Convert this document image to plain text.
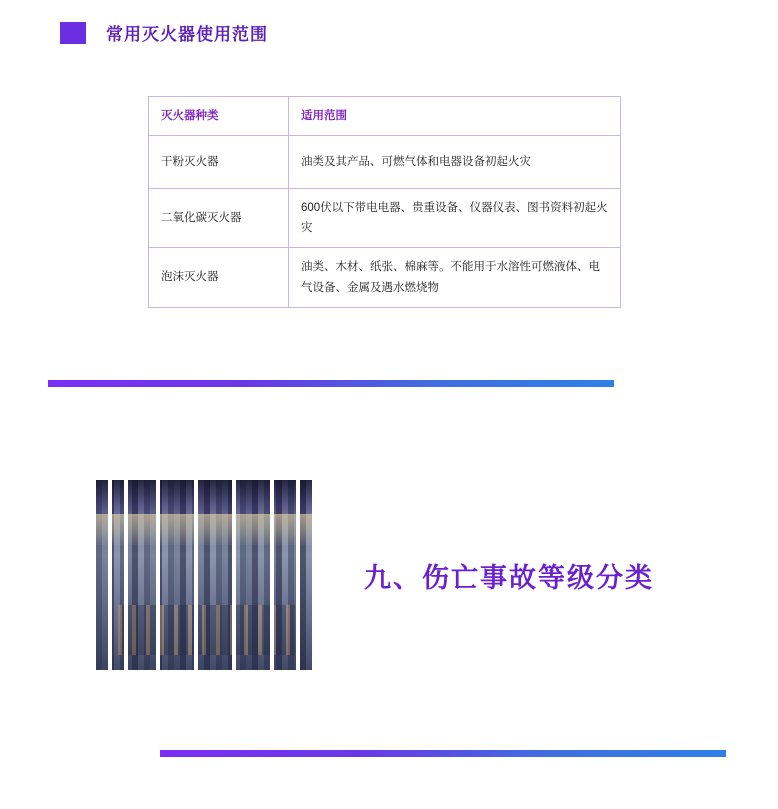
常用灭火器使用范围
灭火器种类	适用范围
干粉灭火器	油类及其产品、可燃气体和电器设备初起火灾
二氧化碳灭火器	600伏以下带电电器、贵重设备、仪器仪表、图书资料初起火灾
泡沫灭火器	油类、木材、纸张、棉麻等。不能用于水溶性可燃液体、电气设备、金属及遇水燃烧物
九、伤亡事故等级分类
